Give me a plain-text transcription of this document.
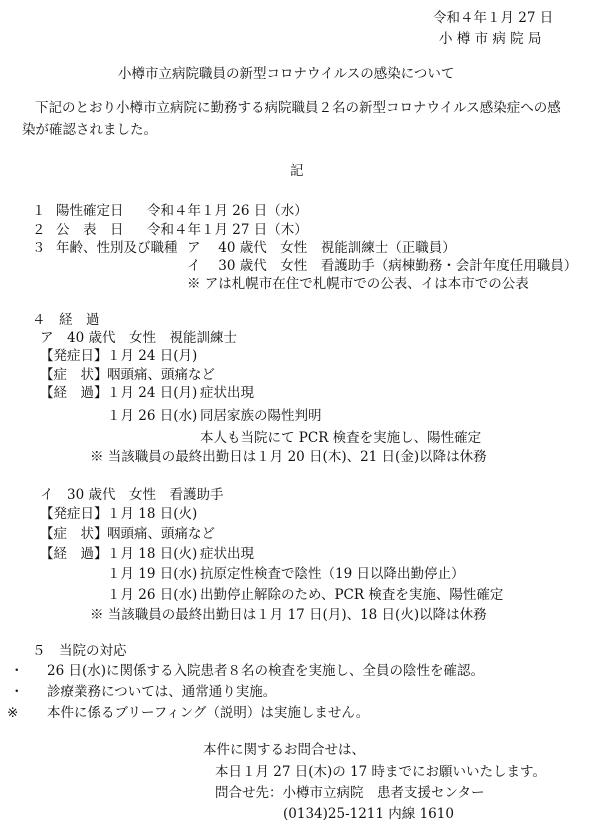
令和４年１月 27 日
小 樽 市 病 院 局
小樽市立病院職員の新型コロナウイルスの感染について
下記のとおり小樽市立病院に勤務する病院職員２名の新型コロナウイルス感染症への感
染が確認されました。
記
１ 陽性確定日 令和４年１月 26 日（水）
２ 公　表　日 令和４年１月 27 日（木）
３ 年齢、性別及び職種 ア　 40 歳代　女性　視能訓練士（正職員）
イ　 30 歳代　女性　看護助手（病棟勤務・会計年度任用職員）
※ アは札幌市在住で札幌市での公表、イは本市での公表
４　経　過
ア　40 歳代　女性　視能訓練士
【発症日】 １月 24 日(月)
【症　状】 咽頭痛、頭痛など
【経　過】 １月 24 日(月) 症状出現
１月 26 日(水) 同居家族の陽性判明
本人も当院にて PCR 検査を実施し、陽性確定
※ 当該職員の最終出勤日は１月 20 日(木)、21 日(金)以降は休務
イ　30 歳代　女性　看護助手
【発症日】 １月 18 日(火)
【症　状】 咽頭痛、頭痛など
【経　過】 １月 18 日(火) 症状出現
１月 19 日(水) 抗原定性検査で陰性（19 日以降出勤停止）
１月 26 日(水) 出勤停止解除のため、PCR 検査を実施、陽性確定
※ 当該職員の最終出勤日は１月 17 日(月)、18 日(火)以降は休務
５　当院の対応
・ 26 日(水)に関係する入院患者８名の検査を実施し、全員の陰性を確認。
・ 診療業務については、通常通り実施。
※ 本件に係るブリーフィング（説明）は実施しません。
本件に関するお問合せは、
本日１月 27 日(木)の 17 時までにお願いいたします。
問合せ先：小樽市立病院　患者支援センター
(0134)25-1211 内線 1610
